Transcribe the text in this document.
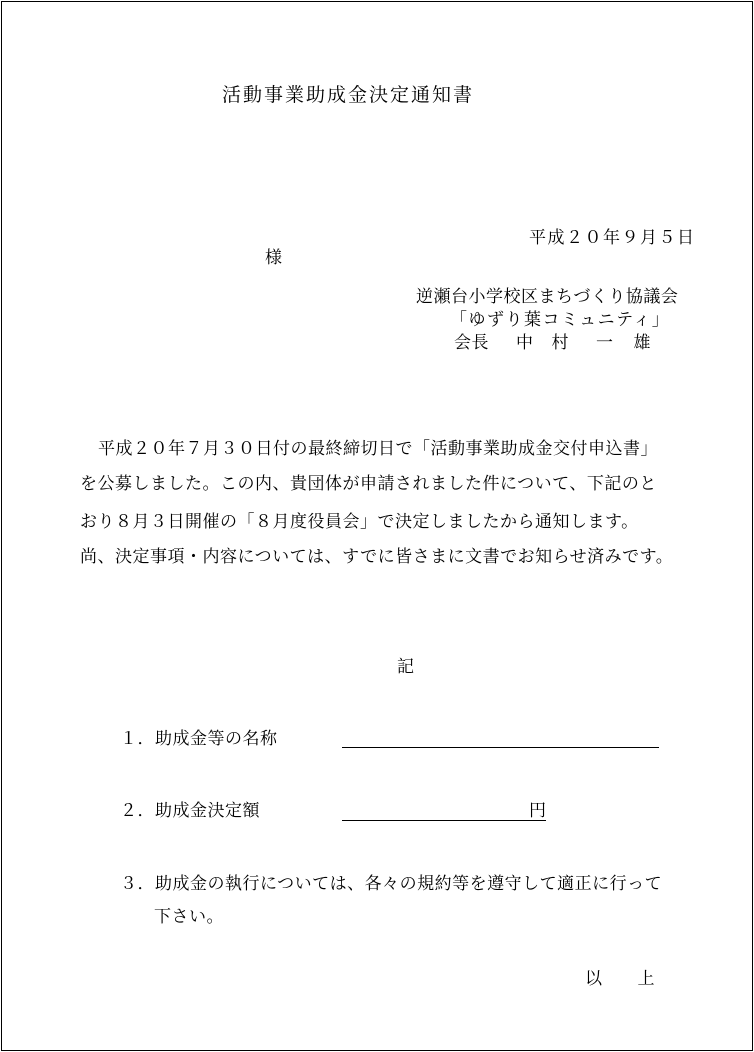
活動事業助成金決定通知書
平成２０年９月５日
様
逆瀬台小学校区まちづくり協議会
「ゆずり葉コミュニティ」
会長 中 村 一 雄
平成２０年７月３０日付の最終締切日で「活動事業助成金交付申込書」
を公募しました。この内、貴団体が申請されました件について、下記のと
おり８月３日開催の「８月度役員会」で決定しましたから通知します。
尚、決定事項・内容については、すでに皆さまに文書でお知らせ済みです。
記
１．助成金等の名称
２．助成金決定額	円
３．助成金の執行については、各々の規約等を遵守して適正に行って
下さい。
以　　上
